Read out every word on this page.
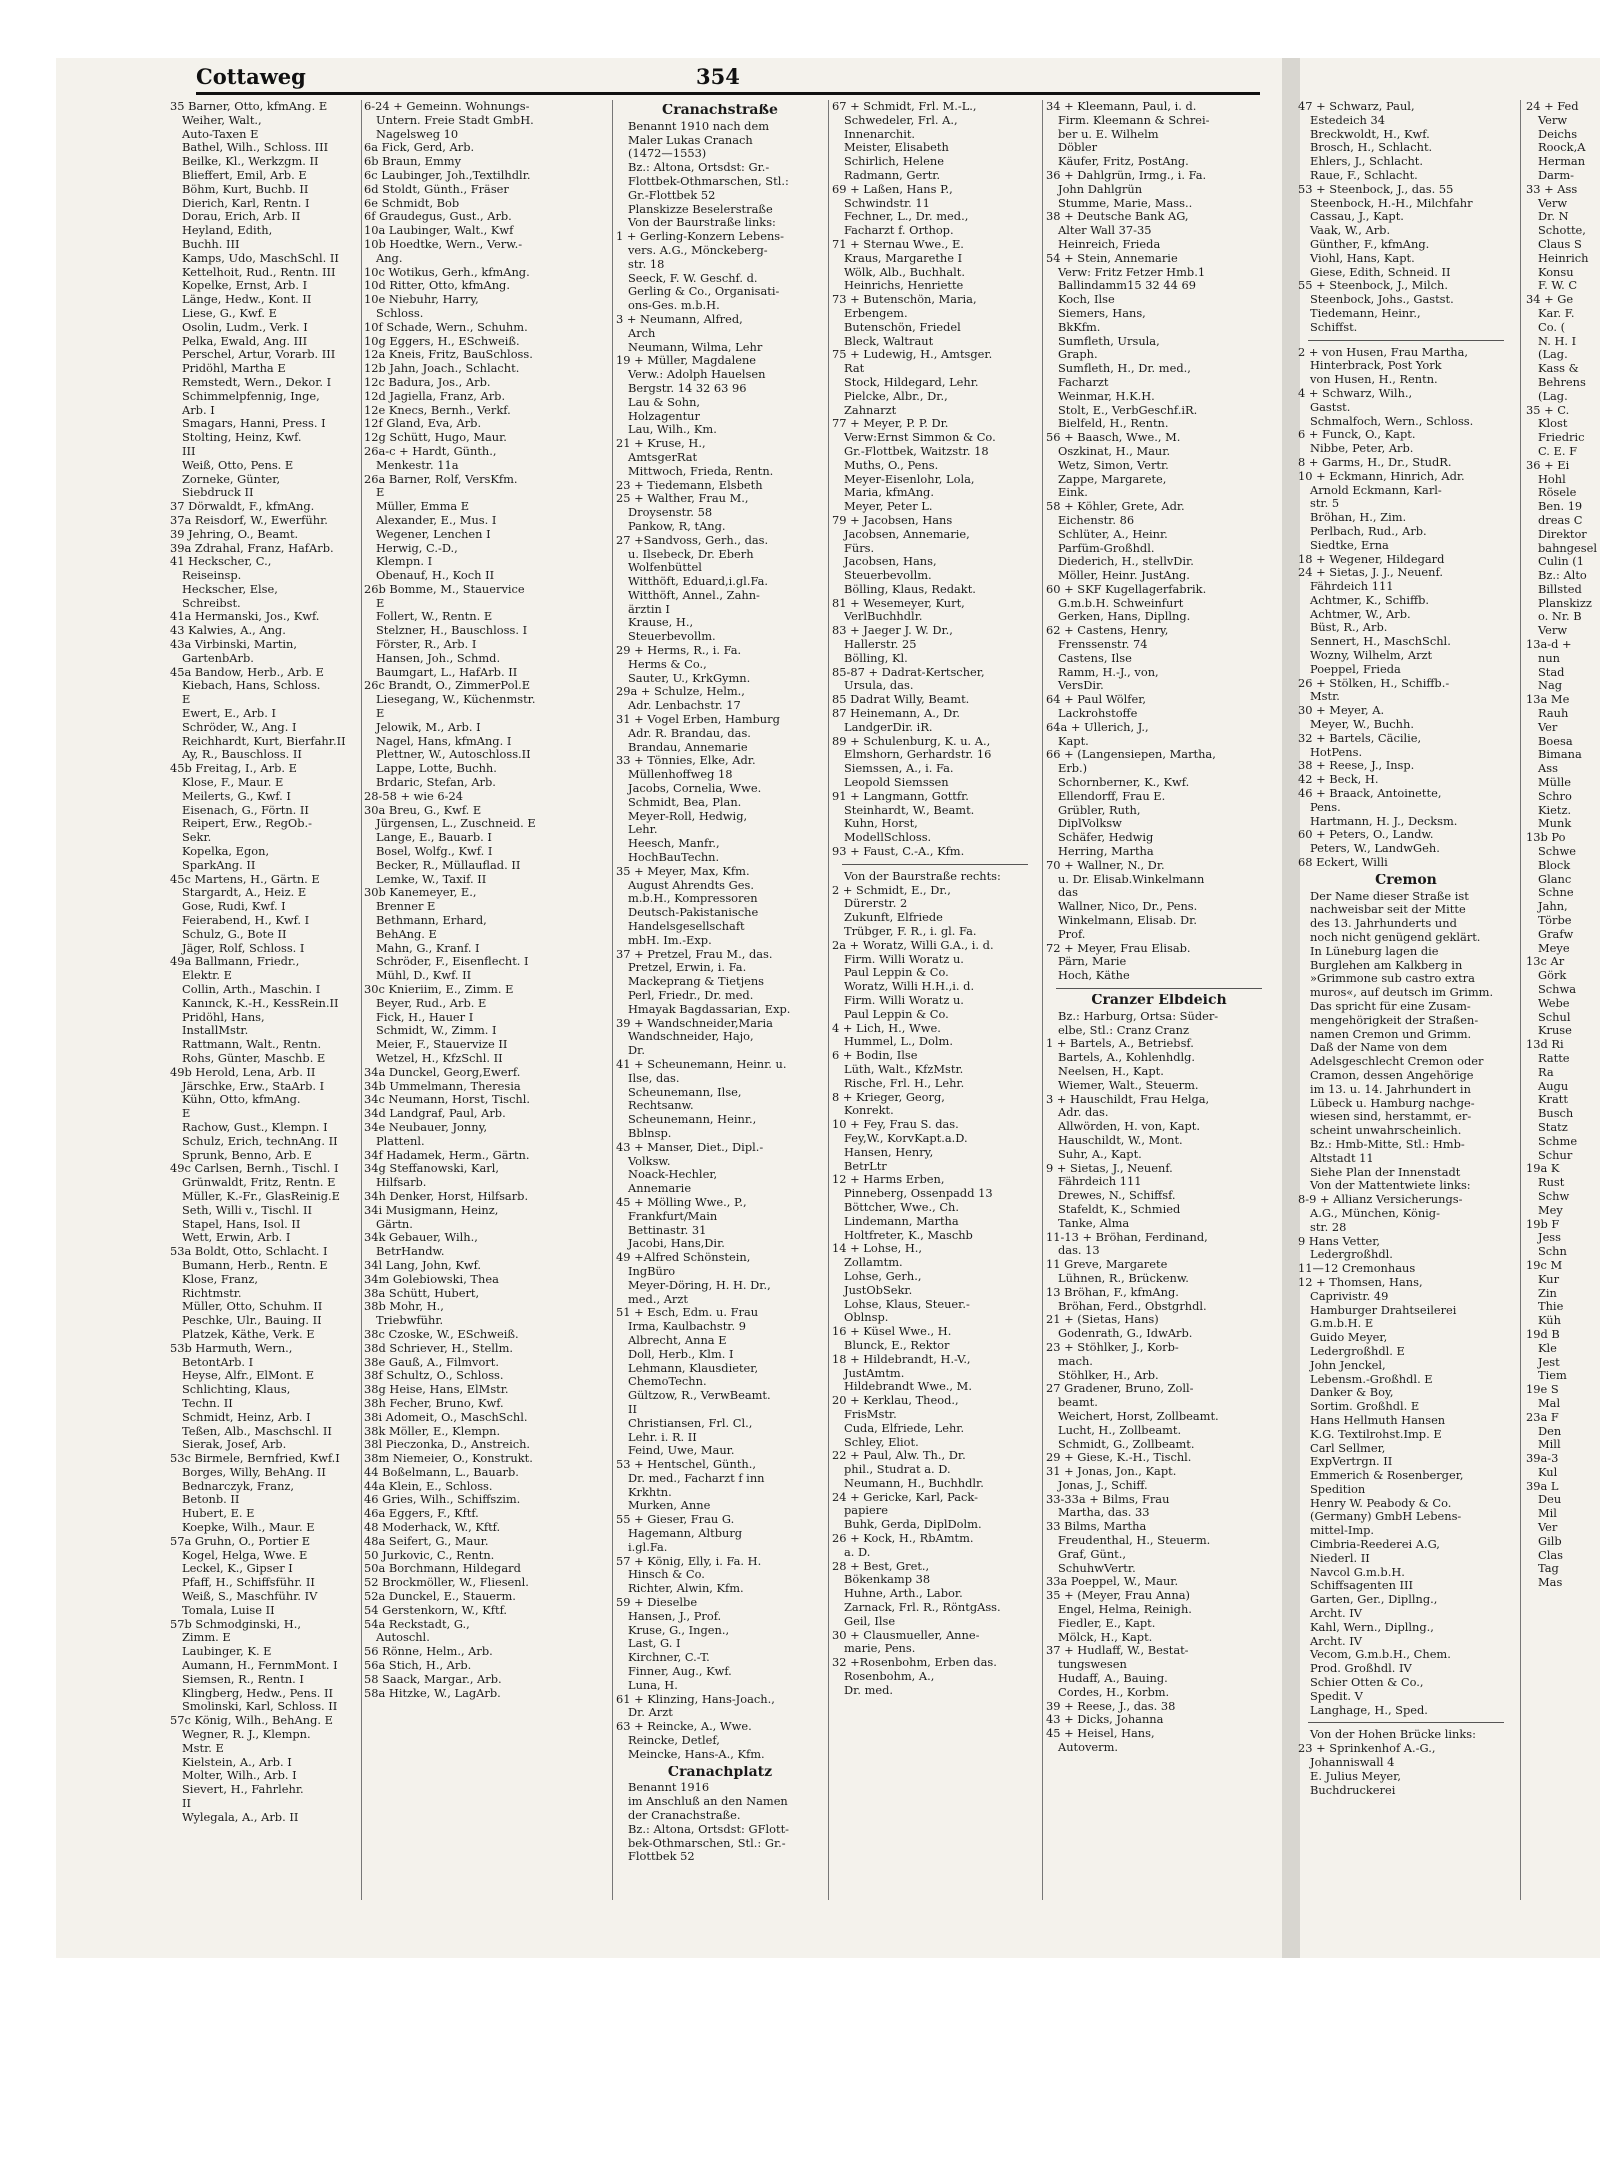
Cottaweg	354
35 Barner, Otto, kfmAng. E
Weiher, Walt.,
Auto-Taxen E
Bathel, Wilh., Schloss. III
Beilke, Kl., Werkzgm. II
Blieffert, Emil, Arb. E
Böhm, Kurt, Buchb. II
Dierich, Karl, Rentn. I
Dorau, Erich, Arb. II
Heyland, Edith,
Buchh. III
Kamps, Udo, MaschSchl. II
Kettelhoit, Rud., Rentn. III
Kopelke, Ernst, Arb. I
Länge, Hedw., Kont. II
Liese, G., Kwf. E
Osolin, Ludm., Verk. I
Pelka, Ewald, Ang. III
Perschel, Artur, Vorarb. III
Pridöhl, Martha E
Remstedt, Wern., Dekor. I
Schimmelpfennig, Inge,
Arb. I
Smagars, Hanni, Press. I
Stolting, Heinz, Kwf.
III
Weiß, Otto, Pens. E
Zorneke, Günter,
Siebdruck II
37 Dörwaldt, F., kfmAng.
37a Reisdorf, W., Ewerführ.
39 Jehring, O., Beamt.
39a Zdrahal, Franz, HafArb.
41 Heckscher, C.,
Reiseinsp.
Heckscher, Else,
Schreibst.
41a Hermanski, Jos., Kwf.
43 Kalwies, A., Ang.
43a Virbinski, Martin,
GartenbArb.
45a Bandow, Herb., Arb. E
Kiebach, Hans, Schloss.
E
Ewert, E., Arb. I
Schröder, W., Ang. I
Reichhardt, Kurt, Bierfahr.II
Ay, R., Bauschloss. II
45b Freitag, I., Arb. E
Klose, F., Maur. E
Meilerts, G., Kwf. I
Eisenach, G., Förtn. II
Reipert, Erw., RegOb.-
Sekr.
Kopelka, Egon,
SparkAng. II
45c Martens, H., Gärtn. E
Stargardt, A., Heiz. E
Gose, Rudi, Kwf. I
Feierabend, H., Kwf. I
Schulz, G., Bote II
Jäger, Rolf, Schloss. I
49a Ballmann, Friedr.,
Elektr. E
Collin, Arth., Maschin. I
Kanınck, K.-H., KessRein.II
Pridöhl, Hans,
InstallMstr.
Rattmann, Walt., Rentn.
Rohs, Günter, Maschb. E
49b Herold, Lena, Arb. II
Järschke, Erw., StaArb. I
Kühn, Otto, kfmAng.
E
Rachow, Gust., Klempn. I
Schulz, Erich, technAng. II
Sprunk, Benno, Arb. E
49c Carlsen, Bernh., Tischl. I
Grünwaldt, Fritz, Rentn. E
Müller, K.-Fr., GlasReinig.E
Seth, Willi v., Tischl. II
Stapel, Hans, Isol. II
Wett, Erwin, Arb. I
53a Boldt, Otto, Schlacht. I
Bumann, Herb., Rentn. E
Klose, Franz,
Richtmstr.
Müller, Otto, Schuhm. II
Peschke, Ulr., Bauing. II
Platzek, Käthe, Verk. E
53b Harmuth, Wern.,
BetontArb. I
Heyse, Alfr., ElMont. E
Schlichting, Klaus,
Techn. II
Schmidt, Heinz, Arb. I
Teßen, Alb., Maschschl. II
Sierak, Josef, Arb.
53c Birmele, Bernfried, Kwf.I
Borges, Willy, BehAng. II
Bednarczyk, Franz,
Betonb. II
Hubert, E. E
Koepke, Wilh., Maur. E
57a Gruhn, O., Portier E
Kogel, Helga, Wwe. E
Leckel, K., Gipser I
Pfaff, H., Schiffsführ. II
Weiß, S., Maschführ. IV
Tomala, Luise II
57b Schmodginski, H.,
Zimm. E
Laubinger, K. E
Aumann, H., FernmMont. I
Siemsen, R., Rentn. I
Klingberg, Hedw., Pens. II
Smolinski, Karl, Schloss. II
57c König, Wilh., BehAng. E
Wegner, R. J., Klempn.
Mstr. E
Kielstein, A., Arb. I
Molter, Wilh., Arb. I
Sievert, H., Fahrlehr.
II
Wylegala, A., Arb. II
6-24 + Gemeinn. Wohnungs-
Untern. Freie Stadt GmbH.
Nagelsweg 10
6a Fick, Gerd, Arb.
6b Braun, Emmy
6c Laubinger, Joh.,Textilhdlr.
6d Stoldt, Günth., Fräser
6e Schmidt, Bob
6f Graudegus, Gust., Arb.
10a Laubinger, Walt., Kwf
10b Hoedtke, Wern., Verw.-
Ang.
10c Wotikus, Gerh., kfmAng.
10d Ritter, Otto, kfmAng.
10e Niebuhr, Harry,
Schloss.
10f Schade, Wern., Schuhm.
10g Eggers, H., ESchweiß.
12a Kneis, Fritz, BauSchloss.
12b Jahn, Joach., Schlacht.
12c Badura, Jos., Arb.
12d Jagiella, Franz, Arb.
12e Knecs, Bernh., Verkf.
12f Gland, Eva, Arb.
12g Schütt, Hugo, Maur.
26a-c + Hardt, Günth.,
Menkestr. 11a
26a Barner, Rolf, VersKfm.
E
Müller, Emma E
Alexander, E., Mus. I
Wegener, Lenchen I
Herwig, C.-D.,
Klempn. I
Obenauf, H., Koch II
26b Bomme, M., Stauervice
E
Follert, W., Rentn. E
Stelzner, H., Bauschloss. I
Förster, R., Arb. I
Hansen, Joh., Schmd.
Baumgart, L., HafArb. II
26c Brandt, O., ZimmerPol.E
Liesegang, W., Küchenmstr.
E
Jelowik, M., Arb. I
Nagel, Hans, kfmAng. I
Plettner, W., Autoschloss.II
Lappe, Lotte, Buchh.
Brdaric, Stefan, Arb.
28-58 + wie 6-24
30a Breu, G., Kwf. E
Jürgensen, L., Zuschneid. E
Lange, E., Bauarb. I
Bosel, Wolfg., Kwf. I
Becker, R., Müllauflad. II
Lemke, W., Taxif. II
30b Kanemeyer, E.,
Brenner E
Bethmann, Erhard,
BehAng. E
Mahn, G., Kranf. I
Schröder, F., Eisenflecht. I
Mühl, D., Kwf. II
30c Knieriim, E., Zimm. E
Beyer, Rud., Arb. E
Fick, H., Hauer I
Schmidt, W., Zimm. I
Meier, F., Stauervize II
Wetzel, H., KfzSchl. II
34a Dunckel, Georg,Ewerf.
34b Ummelmann, Theresia
34c Neumann, Horst, Tischl.
34d Landgraf, Paul, Arb.
34e Neubauer, Jonny,
Plattenl.
34f Hadamek, Herm., Gärtn.
34g Steffanowski, Karl,
Hilfsarb.
34h Denker, Horst, Hilfsarb.
34i Musigmann, Heinz,
Gärtn.
34k Gebauer, Wilh.,
BetrHandw.
34l Lang, John, Kwf.
34m Golebiowski, Thea
38a Schütt, Hubert,
38b Mohr, H.,
Triebwführ.
38c Czoske, W., ESchweiß.
38d Schriever, H., Stellm.
38e Gauß, A., Filmvort.
38f Schultz, O., Schloss.
38g Heise, Hans, ElMstr.
38h Fecher, Bruno, Kwf.
38i Adomeit, O., MaschSchl.
38k Möller, E., Klempn.
38l Pieczonka, D., Anstreich.
38m Niemeier, O., Konstrukt.
44 Boßelmann, L., Bauarb.
44a Klein, E., Schloss.
46 Gries, Wilh., Schiffszim.
46a Eggers, F., Kftf.
48 Moderhack, W., Kftf.
48a Seifert, G., Maur.
50 Jurkovic, C., Rentn.
50a Borchmann, Hildegard
52 Brockmöller, W., Fliesenl.
52a Dunckel, E., Stauerm.
54 Gerstenkorn, W., Kftf.
54a Reckstadt, G.,
Autoschl.
56 Rönne, Helm., Arb.
56a Stich, H., Arb.
58 Saack, Margar., Arb.
58a Hitzke, W., LagArb.
Cranachstraße
Benannt 1910 nach dem
Maler Lukas Cranach
(1472—1553)
Bz.: Altona, Ortsdst: Gr.-
Flottbek-Othmarschen, Stl.:
Gr.-Flottbek 52
Planskizze Beselerstraße
Von der Baurstraße links:
1 + Gerling-Konzern Lebens-
vers. A.G., Mönckeberg-
str. 18
Seeck, F. W. Geschf. d.
Gerling & Co., Organisati-
ons-Ges. m.b.H.
3 + Neumann, Alfred,
Arch
Neumann, Wilma, Lehr
19 + Müller, Magdalene
Verw.: Adolph Hauelsen
Bergstr. 14 32 63 96
Lau & Sohn,
Holzagentur
Lau, Wilh., Km.
21 + Kruse, H.,
AmtsgerRat
Mittwoch, Frieda, Rentn.
23 + Tiedemann, Elsbeth
25 + Walther, Frau M.,
Droysenstr. 58
Pankow, R, tAng.
27 +Sandvoss, Gerh., das.
u. Ilsebeck, Dr. Eberh
Wolfenbüttel
Witthöft, Eduard,i.gl.Fa.
Witthöft, Annel., Zahn-
ärztin I
Krause, H.,
Steuerbevollm.
29 + Herms, R., i. Fa.
Herms & Co.,
Sauter, U., KrkGymn.
29a + Schulze, Helm.,
Adr. Lenbachstr. 17
31 + Vogel Erben, Hamburg
Adr. R. Brandau, das.
Brandau, Annemarie
33 + Tönnies, Elke, Adr.
Müllenhoffweg 18
Jacobs, Cornelia, Wwe.
Schmidt, Bea, Plan.
Meyer-Roll, Hedwig,
Lehr.
Heesch, Manfr.,
HochBauTechn.
35 + Meyer, Max, Kfm.
August Ahrendts Ges.
m.b.H., Kompressoren
Deutsch-Pakistanische
Handelsgesellschaft
mbH. Im.-Exp.
37 + Pretzel, Frau M., das.
Pretzel, Erwin, i. Fa.
Mackeprang & Tietjens
Perl, Friedr., Dr. med.
Hmayak Bagdassarian, Exp.
39 + Wandschneider,Maria
Wandschneider, Hajo,
Dr.
41 + Scheunemann, Heinr. u.
Ilse, das.
Scheunemann, Ilse,
Rechtsanw.
Scheunemann, Heinr.,
Bblnsp.
43 + Manser, Diet., Dipl.-
Volksw.
Noack-Hechler,
Annemarie
45 + Mölling Wwe., P.,
Frankfurt/Main
Bettinastr. 31
Jacobi, Hans,Dir.
49 +Alfred Schönstein,
IngBüro
Meyer-Döring, H. H. Dr.,
med., Arzt
51 + Esch, Edm. u. Frau
Irma, Kaulbachstr. 9
Albrecht, Anna E
Doll, Herb., Klm. I
Lehmann, Klausdieter,
ChemoTechn.
Gültzow, R., VerwBeamt.
II
Christiansen, Frl. Cl.,
Lehr. i. R. II
Feind, Uwe, Maur.
53 + Hentschel, Günth.,
Dr. med., Facharzt f inn
Krkhtn.
Murken, Anne
55 + Gieser, Frau G.
Hagemann, Altburg
i.gl.Fa.
57 + König, Elly, i. Fa. H.
Hinsch & Co.
Richter, Alwin, Kfm.
59 + Dieselbe
Hansen, J., Prof.
Kruse, G., Ingen.,
Last, G. I
Kirchner, C.-T.
Finner, Aug., Kwf.
Luna, H.
61 + Klinzing, Hans-Joach.,
Dr. Arzt
63 + Reincke, A., Wwe.
Reincke, Detlef,
Meincke, Hans-A., Kfm.
Cranachplatz
Benannt 1916
im Anschluß an den Namen
der Cranachstraße.
Bz.: Altona, Ortsdst: GFlott-
bek-Othmarschen, Stl.: Gr.-
Flottbek 52
67 + Schmidt, Frl. M.-L.,
Schwedeler, Frl. A.,
Innenarchit.
Meister, Elisabeth
Schirlich, Helene
Radmann, Gertr.
69 + Laßen, Hans P.,
Schwindstr. 11
Fechner, L., Dr. med.,
Facharzt f. Orthop.
71 + Sternau Wwe., E.
Kraus, Margarethe I
Wölk, Alb., Buchhalt.
Heinrichs, Henriette
73 + Butenschön, Maria,
Erbengem.
Butenschön, Friedel
Bleck, Waltraut
75 + Ludewig, H., Amtsger.
Rat
Stock, Hildegard, Lehr.
Pielcke, Albr., Dr.,
Zahnarzt
77 + Meyer, P. P. Dr.
Verw:Ernst Simmon & Co.
Gr.-Flottbek, Waitzstr. 18
Muths, O., Pens.
Meyer-Eisenlohr, Lola,
Maria, kfmAng.
Meyer, Peter L.
79 + Jacobsen, Hans
Jacobsen, Annemarie,
Fürs.
Jacobsen, Hans,
Steuerbevollm.
Bölling, Klaus, Redakt.
81 + Wesemeyer, Kurt,
VerlBuchhdlr.
83 + Jaeger J. W. Dr.,
Hallerstr. 25
Bölling, Kl.
85-87 + Dadrat-Kertscher,
Ursula, das.
85 Dadrat Willy, Beamt.
87 Heinemann, A., Dr.
LandgerDir. iR.
89 + Schulenburg, K. u. A.,
Elmshorn, Gerhardstr. 16
Siemssen, A., i. Fa.
Leopold Siemssen
91 + Langmann, Gottfr.
Steinhardt, W., Beamt.
Kuhn, Horst,
ModellSchloss.
93 + Faust, C.-A., Kfm.
Von der Baurstraße rechts:
2 + Schmidt, E., Dr.,
Dürerstr. 2
Zukunft, Elfriede
Trübger, F. R., i. gl. Fa.
2a + Woratz, Willi G.A., i. d.
Firm. Willi Woratz u.
Paul Leppin & Co.
Woratz, Willi H.H.,i. d.
Firm. Willi Woratz u.
Paul Leppin & Co.
4 + Lich, H., Wwe.
Hummel, L., Dolm.
6 + Bodin, Ilse
Lüth, Walt., KfzMstr.
Rische, Frl. H., Lehr.
8 + Krieger, Georg,
Konrekt.
10 + Fey, Frau S. das.
Fey,W., KorvKapt.a.D.
Hansen, Henry,
BetrLtr
12 + Harms Erben,
Pinneberg, Ossenpadd 13
Böttcher, Wwe., Ch.
Lindemann, Martha
Holtfreter, K., Maschb
14 + Lohse, H.,
Zollamtm.
Lohse, Gerh.,
JustObSekr.
Lohse, Klaus, Steuer.-
Oblnsp.
16 + Küsel Wwe., H.
Blunck, E., Rektor
18 + Hildebrandt, H.-V.,
JustAmtm.
Hildebrandt Wwe., M.
20 + Kerklau, Theod.,
FrisMstr.
Cuda, Elfriede, Lehr.
Schley, Eliot.
22 + Paul, Alw. Th., Dr.
phil., Studrat a. D.
Neumann, H., Buchhdlr.
24 + Gericke, Karl, Pack-
papiere
Buhk, Gerda, DiplDolm.
26 + Kock, H., RbAmtm.
a. D.
28 + Best, Gret.,
Bökenkamp 38
Huhne, Arth., Labor.
Zarnack, Frl. R., RöntgAss.
Geil, Ilse
30 + Clausmueller, Anne-
marie, Pens.
32 +Rosenbohm, Erben das.
Rosenbohm, A.,
Dr. med.
34 + Kleemann, Paul, i. d.
Firm. Kleemann & Schrei-
ber u. E. Wilhelm
Döbler
Käufer, Fritz, PostAng.
36 + Dahlgrün, Irmg., i. Fa.
John Dahlgrün
Stumme, Marie, Mass..
38 + Deutsche Bank AG,
Alter Wall 37-35
Heinreich, Frieda
54 + Stein, Annemarie
Verw: Fritz Fetzer Hmb.1
Ballindamm15 32 44 69
Koch, Ilse
Siemers, Hans,
BkKfm.
Sumfleth, Ursula,
Graph.
Sumfleth, H., Dr. med.,
Facharzt
Weinmar, H.K.H.
Stolt, E., VerbGeschf.iR.
Bielfeld, H., Rentn.
56 + Baasch, Wwe., M.
Oszkinat, H., Maur.
Wetz, Simon, Vertr.
Zappe, Margarete,
Eink.
58 + Köhler, Grete, Adr.
Eichenstr. 86
Schlüter, A., Heinr.
Parfüm-Großhdl.
Diederich, H., stellvDir.
Möller, Heinr. JustAng.
60 + SKF Kugellagerfabrik.
G.m.b.H. Schweinfurt
Gerken, Hans, Dipllng.
62 + Castens, Henry,
Frenssenstr. 74
Castens, Ilse
Ramm, H.-J., von,
VersDir.
64 + Paul Wölfer,
Lackrohstoffe
64a + Ullerich, J.,
Kapt.
66 + (Langensiepen, Martha,
Erb.)
Schornberner, K., Kwf.
Ellendorff, Frau E.
Grübler, Ruth,
DiplVolksw
Schäfer, Hedwig
Herring, Martha
70 + Wallner, N., Dr.
u. Dr. Elisab.Winkelmann
das
Wallner, Nico, Dr., Pens.
Winkelmann, Elisab. Dr.
Prof.
72 + Meyer, Frau Elisab.
Pärn, Marie
Hoch, Käthe
Cranzer Elbdeich
Bz.: Harburg, Ortsa: Süder-
elbe, Stl.: Cranz Cranz
1 + Bartels, A., Betriebsf.
Bartels, A., Kohlenhdlg.
Neelsen, H., Kapt.
Wiemer, Walt., Steuerm.
3 + Hauschildt, Frau Helga,
Adr. das.
Allwörden, H. von, Kapt.
Hauschildt, W., Mont.
Suhr, A., Kapt.
9 + Sietas, J., Neuenf.
Fährdeich 111
Drewes, N., Schiffsf.
Stafeldt, K., Schmied
Tanke, Alma
11-13 + Bröhan, Ferdinand,
das. 13
11 Greve, Margarete
Lühnen, R., Brückenw.
13 Bröhan, F., kfmAng.
Bröhan, Ferd., Obstgrhdl.
21 + (Sietas, Hans)
Godenrath, G., IdwArb.
23 + Stöhlker, J., Korb-
mach.
Stöhlker, H., Arb.
27 Gradener, Bruno, Zoll-
beamt.
Weichert, Horst, Zollbeamt.
Lucht, H., Zollbeamt.
Schmidt, G., Zollbeamt.
29 + Giese, K.-H., Tischl.
31 + Jonas, Jon., Kapt.
Jonas, J., Schiff.
33-33a + Bilms, Frau
Martha, das. 33
33 Bilms, Martha
Freudenthal, H., Steuerm.
Graf, Günt.,
SchuhwVertr.
33a Poeppel, W., Maur.
35 + (Meyer, Frau Anna)
Engel, Helma, Reinigh.
Fiedler, E., Kapt.
Mölck, H., Kapt.
37 + Hudlaff, W., Bestat-
tungswesen
Hudaff, A., Bauing.
Cordes, H., Korbm.
39 + Reese, J., das. 38
43 + Dicks, Johanna
45 + Heisel, Hans,
Autoverm.
47 + Schwarz, Paul,
Estedeich 34
Breckwoldt, H., Kwf.
Brosch, H., Schlacht.
Ehlers, J., Schlacht.
Raue, F., Schlacht.
53 + Steenbock, J., das. 55
Steenbock, H.-H., Milchfahr
Cassau, J., Kapt.
Vaak, W., Arb.
Günther, F., kfmAng.
Viohl, Hans, Kapt.
Giese, Edith, Schneid. II
55 + Steenbock, J., Milch.
Steenbock, Johs., Gastst.
Tiedemann, Heinr.,
Schiffst.
2 + von Husen, Frau Martha,
Hinterbrack, Post York
von Husen, H., Rentn.
4 + Schwarz, Wilh.,
Gastst.
Schmalfoch, Wern., Schloss.
6 + Funck, O., Kapt.
Nibbe, Peter, Arb.
8 + Garms, H., Dr., StudR.
10 + Eckmann, Hinrich, Adr.
Arnold Eckmann, Karl-
str. 5
Bröhan, H., Zim.
Perlbach, Rud., Arb.
Siedtke, Erna
18 + Wegener, Hildegard
24 + Sietas, J. J., Neuenf.
Fährdeich 111
Achtmer, K., Schiffb.
Achtmer, W., Arb.
Büst, R., Arb.
Sennert, H., MaschSchl.
Wozny, Wilhelm, Arzt
Poeppel, Frieda
26 + Stölken, H., Schiffb.-
Mstr.
30 + Meyer, A.
Meyer, W., Buchh.
32 + Bartels, Cäcilie,
HotPens.
38 + Reese, J., Insp.
42 + Beck, H.
46 + Braack, Antoinette,
Pens.
Hartmann, H. J., Decksm.
60 + Peters, O., Landw.
Peters, W., LandwGeh.
68 Eckert, Willi
Cremon
Der Name dieser Straße ist
nachweisbar seit der Mitte
des 13. Jahrhunderts und
noch nicht genügend geklärt.
In Lüneburg lagen die
Burglehen am Kalkberg in
»Grimmone sub castro extra
muros«, auf deutsch im Grimm.
Das spricht für eine Zusam-
mengehörigkeit der Straßen-
namen Cremon und Grimm.
Daß der Name von dem
Adelsgeschlecht Cremon oder
Cramon, dessen Angehörige
im 13. u. 14. Jahrhundert in
Lübeck u. Hamburg nachge-
wiesen sind, herstammt, er-
scheint unwahrscheinlich.
Bz.: Hmb-Mitte, Stl.: Hmb-
Altstadt 11
Siehe Plan der Innenstadt
Von der Mattentwiete links:
8-9 + Allianz Versicherungs-
A.G., München, König-
str. 28
9 Hans Vetter,
Ledergroßhdl.
11—12 Cremonhaus
12 + Thomsen, Hans,
Caprivistr. 49
Hamburger Drahtseilerei
G.m.b.H. E
Guido Meyer,
Ledergroßhdl. E
John Jenckel,
Lebensm.-Großhdl. E
Danker & Boy,
Sortim. Großhdl. E
Hans Hellmuth Hansen
K.G. Textilrohst.Imp. E
Carl Sellmer,
ExpVertrgn. II
Emmerich & Rosenberger,
Spedition
Henry W. Peabody & Co.
(Germany) GmbH Lebens-
mittel-Imp.
Cimbria-Reederei A.G,
Niederl. II
Navcol G.m.b.H.
Schiffsagenten III
Garten, Ger., Dipllng.,
Archt. IV
Kahl, Wern., Dipllng.,
Archt. IV
Vecom, G.m.b.H., Chem.
Prod. Großhdl. IV
Schier Otten & Co.,
Spedit. V
Langhage, H., Sped.
Von der Hohen Brücke links:
23 + Sprinkenhof A.-G.,
Johanniswall 4
E. Julius Meyer,
Buchdruckerei
24 + Fed
Verw
Deichs
Roock,A
Herman
Darm-
33 + Ass
Verw
Dr. N
Schotte,
Claus S
Heinrich
Konsu
F. W. C
34 + Ge
Kar. F.
Co. (
N. H. I
(Lag.
Kass &
Behrens
(Lag.
35 + C.
Klost
Friedric
C. E. F
36 + Ei
Hohl
Rösele
Ben. 19
dreas C
Direktor
bahngesel
Culin (1
Bz.: Alto
Billsted
Planskizz
o. Nr. B
Verw
13a-d +
nun
Stad
Nag
13a Me
Rauh
Ver
Boesa
Bimana
Ass
Mülle
Schro
Kietz.
Munk
13b Po
Schwe
Block
Glanc
Schne
Jahn,
Törbe
Grafw
Meye
13c Ar
Görk
Schwa
Webe
Schul
Kruse
13d Ri
Ratte
Ra
Augu
Kratt
Busch
Statz
Schme
Schur
19a K
Rust
Schw
Mey
19b F
Jess
Schn
19c M
Kur
Zin
Thie
Küh
19d B
Kle
Jest
Tiem
19e S
Mal
23a F
Den
Mill
39a-3
Kul
39a L
Deu
Mil
Ver
Gilb
Clas
Tag
Mas
